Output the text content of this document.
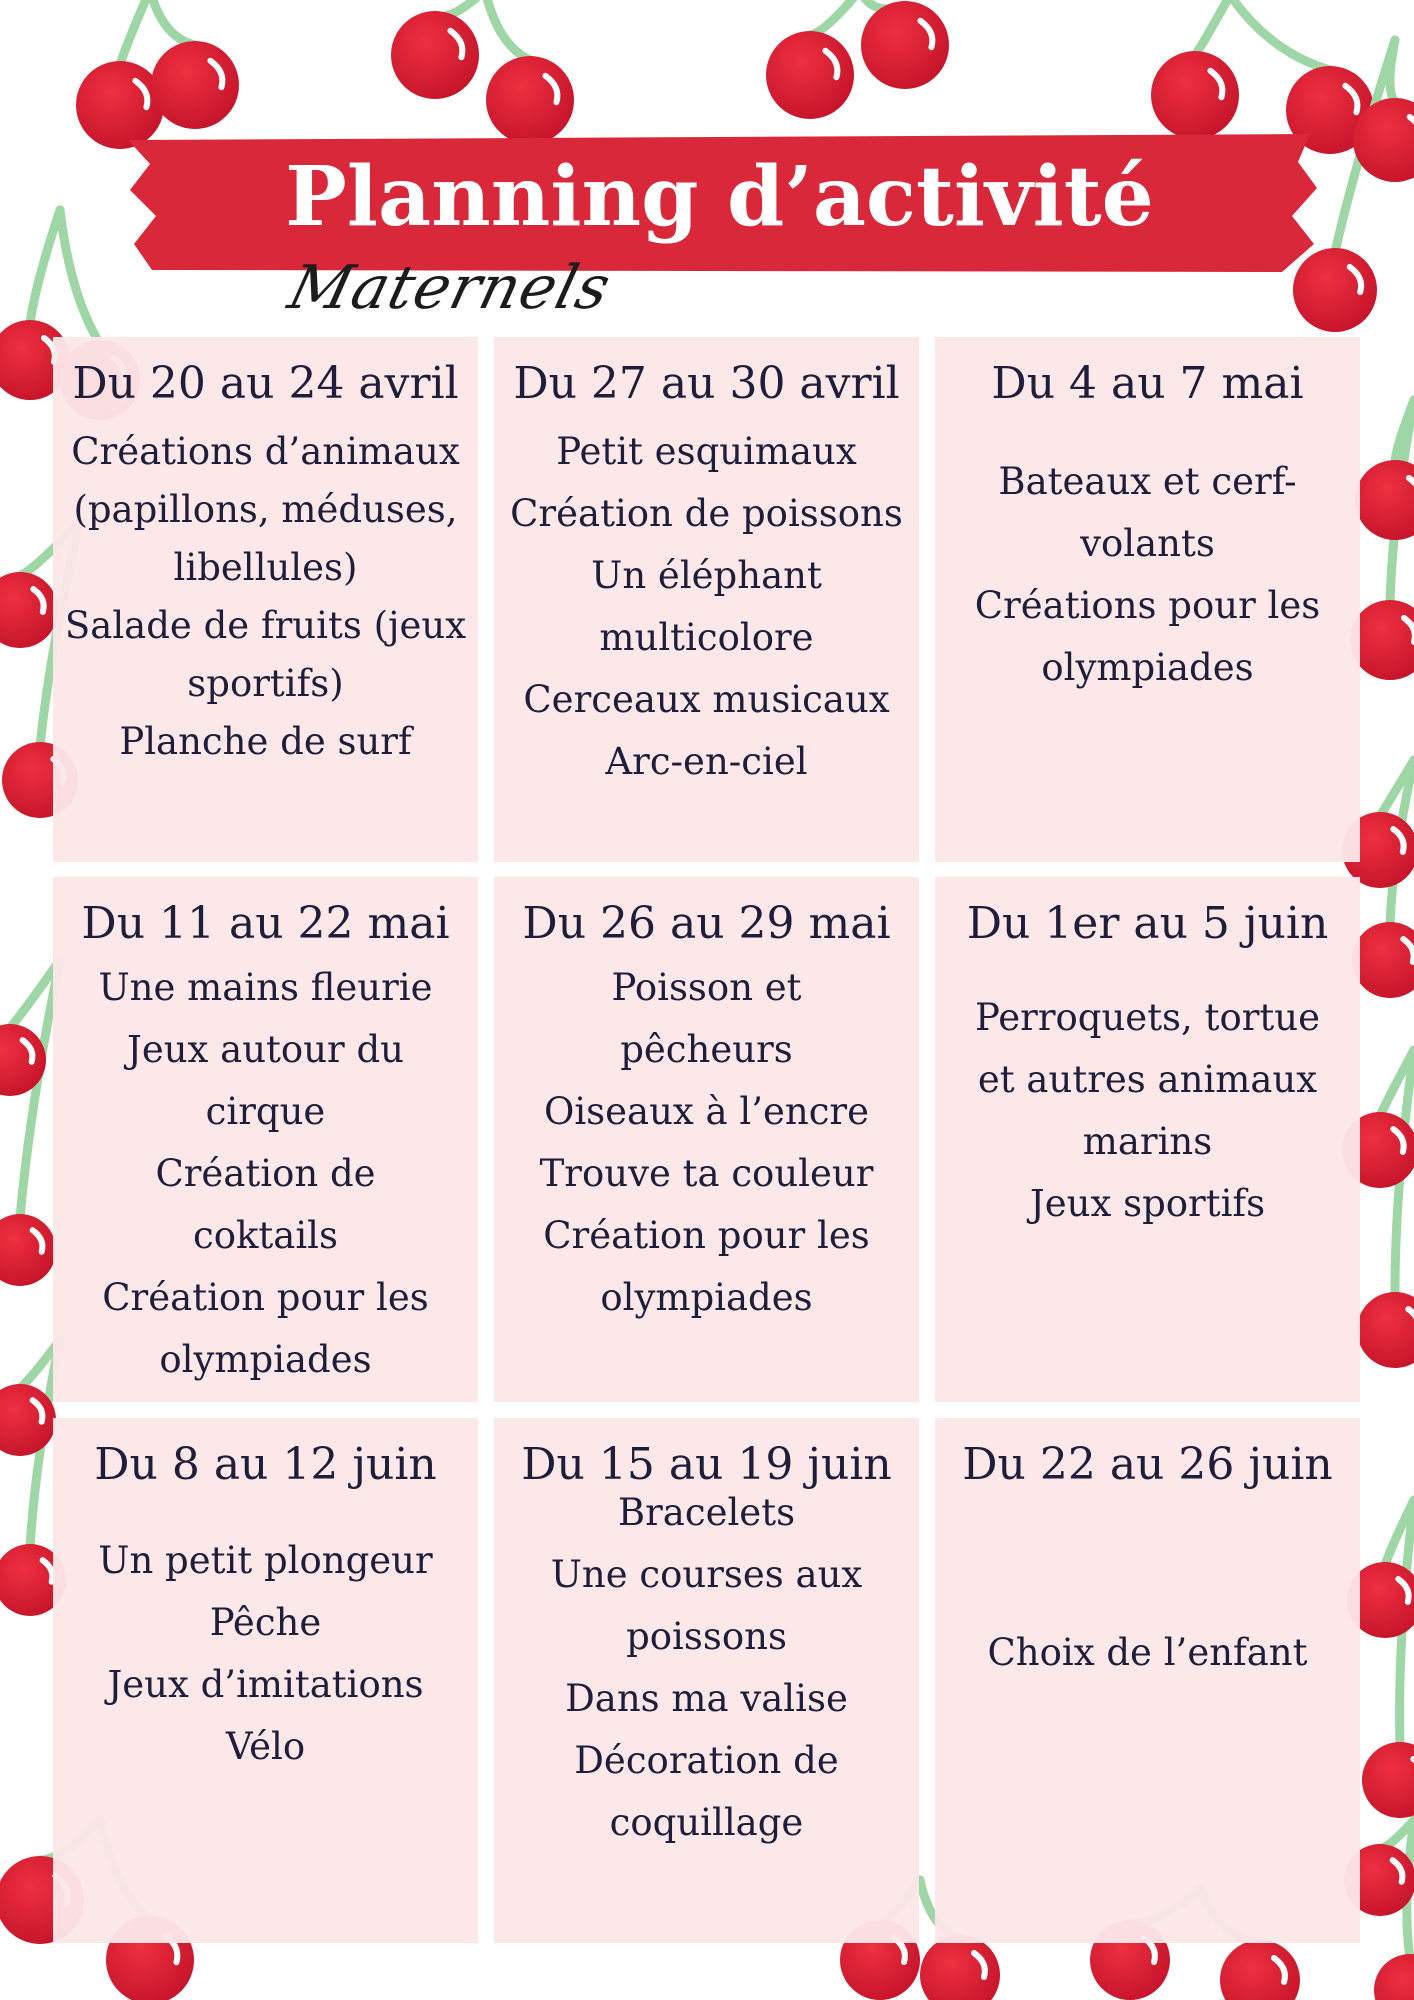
Planning d’activité
Maternels
Du 20 au 24 avril
Créations d’animaux (papillons, méduses, libellules)
Salade de fruits (jeux sportifs)
Planche de surf
Du 27 au 30 avril
Petit esquimaux
Création de poissons
Un éléphant multicolore
Cerceaux musicaux
Arc-en-ciel
Du 4 au 7 mai
Bateaux et cerf-volants
Créations pour les olympiades
Du 11 au 22 mai
Une mains fleurie
Jeux autour du cirque
Création de coktails
Création pour les olympiades
Du 26 au 29 mai
Poisson et pêcheurs
Oiseaux à l’encre
Trouve ta couleur
Création pour les olympiades
Du 1er au 5 juin
Perroquets, tortue et autres animaux marins
Jeux sportifs
Du 8 au 12 juin
Un petit plongeur
Pêche
Jeux d’imitations
Vélo
Du 15 au 19 juin
Bracelets
Une courses aux poissons
Dans ma valise
Décoration de coquillage
Du 22 au 26 juin
Choix de l’enfant
